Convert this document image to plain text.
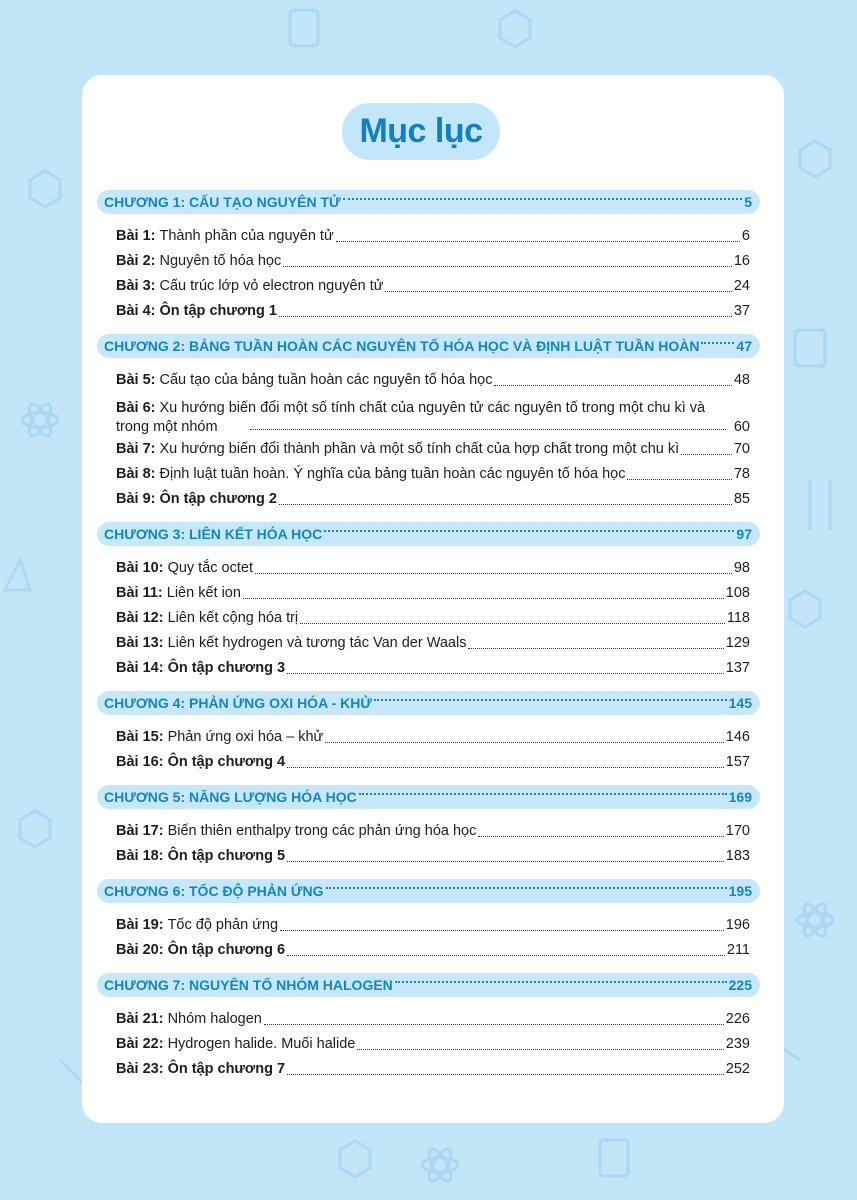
Mục lục
CHƯƠNG 1: CẤU TẠO NGUYÊN TỬ	5
Bài 1: Thành phần của nguyên tử	6
Bài 2: Nguyên tố hóa học	16
Bài 3: Cấu trúc lớp vỏ electron nguyên tử	24
Bài 4: Ôn tập chương 1	37
CHƯƠNG 2: BẢNG TUẦN HOÀN CÁC NGUYÊN TỐ HÓA HỌC VÀ ĐỊNH LUẬT TUẦN HOÀN	47
Bài 5: Cấu tạo của bảng tuần hoàn các nguyên tố hóa học	48
Bài 6: Xu hướng biến đổi một số tính chất của nguyên tử các nguyên tố trong một chu kì và trong một nhóm	60
Bài 7: Xu hướng biến đổi thành phần và một số tính chất của hợp chất trong một chu kì	70
Bài 8: Định luật tuần hoàn. Ý nghĩa của bảng tuần hoàn các nguyên tố hóa học	78
Bài 9: Ôn tập chương 2	85
CHƯƠNG 3: LIÊN KẾT HÓA HỌC	97
Bài 10: Quy tắc octet	98
Bài 11: Liên kết ion	108
Bài 12: Liên kết cộng hóa trị	118
Bài 13: Liên kết hydrogen và tương tác Van der Waals	129
Bài 14: Ôn tập chương 3	137
CHƯƠNG 4: PHẢN ỨNG OXI HÓA - KHỬ	145
Bài 15: Phản ứng oxi hóa – khử	146
Bài 16: Ôn tập chương 4	157
CHƯƠNG 5: NĂNG LƯỢNG HÓA HỌC	169
Bài 17: Biến thiên enthalpy trong các phản ứng hóa học	170
Bài 18: Ôn tập chương 5	183
CHƯƠNG 6: TỐC ĐỘ PHẢN ỨNG	195
Bài 19: Tốc độ phản ứng	196
Bài 20: Ôn tập chương 6	211
CHƯƠNG 7: NGUYÊN TỐ NHÓM HALOGEN	225
Bài 21: Nhóm halogen	226
Bài 22: Hydrogen halide. Muối halide	239
Bài 23: Ôn tập chương 7	252
